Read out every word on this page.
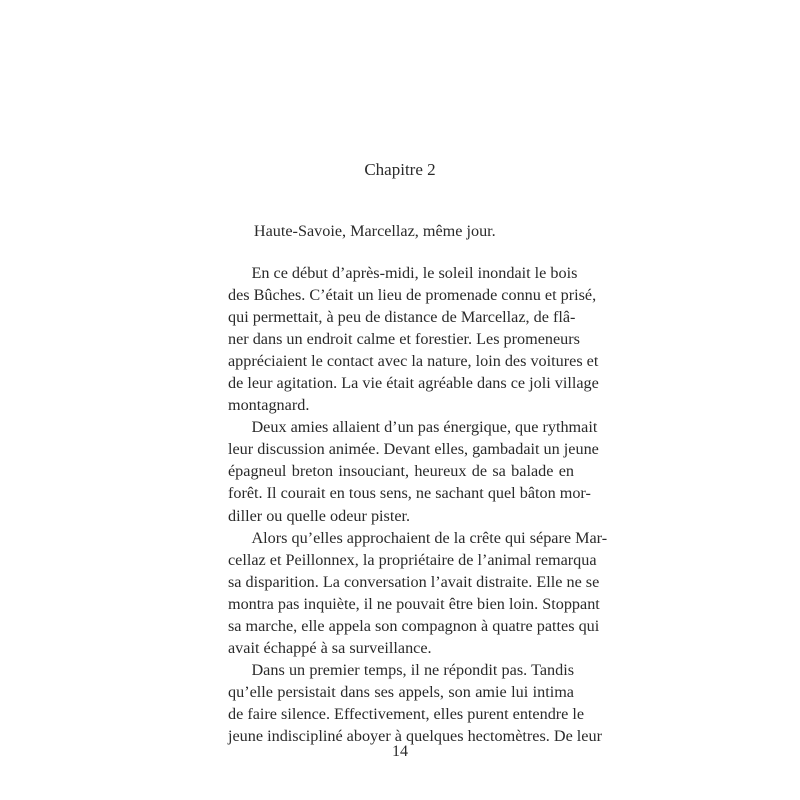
Chapitre 2

Haute-Savoie, Marcellaz, même jour.

En ce début d’après-midi, le soleil inondait le bois
des Bûches. C’était un lieu de promenade connu et prisé,
qui permettait, à peu de distance de Marcellaz, de flâ-
ner dans un endroit calme et forestier. Les promeneurs
appréciaient le contact avec la nature, loin des voitures et
de leur agitation. La vie était agréable dans ce joli village
montagnard.

Deux amies allaient d’un pas énergique, que rythmait
leur discussion animée. Devant elles, gambadait un jeune
épagneul breton insouciant, heureux de sa balade en
forêt. Il courait en tous sens, ne sachant quel bâton mor-
diller ou quelle odeur pister.

Alors qu’elles approchaient de la crête qui sépare Mar-
cellaz et Peillonnex, la propriétaire de l’animal remarqua
sa disparition. La conversation l’avait distraite. Elle ne se
montra pas inquiète, il ne pouvait être bien loin. Stoppant
sa marche, elle appela son compagnon à quatre pattes qui
avait échappé à sa surveillance.

Dans un premier temps, il ne répondit pas. Tandis
qu’elle persistait dans ses appels, son amie lui intima
de faire silence. Effectivement, elles purent entendre le
jeune indiscipliné aboyer à quelques hectomètres. De leur

14
